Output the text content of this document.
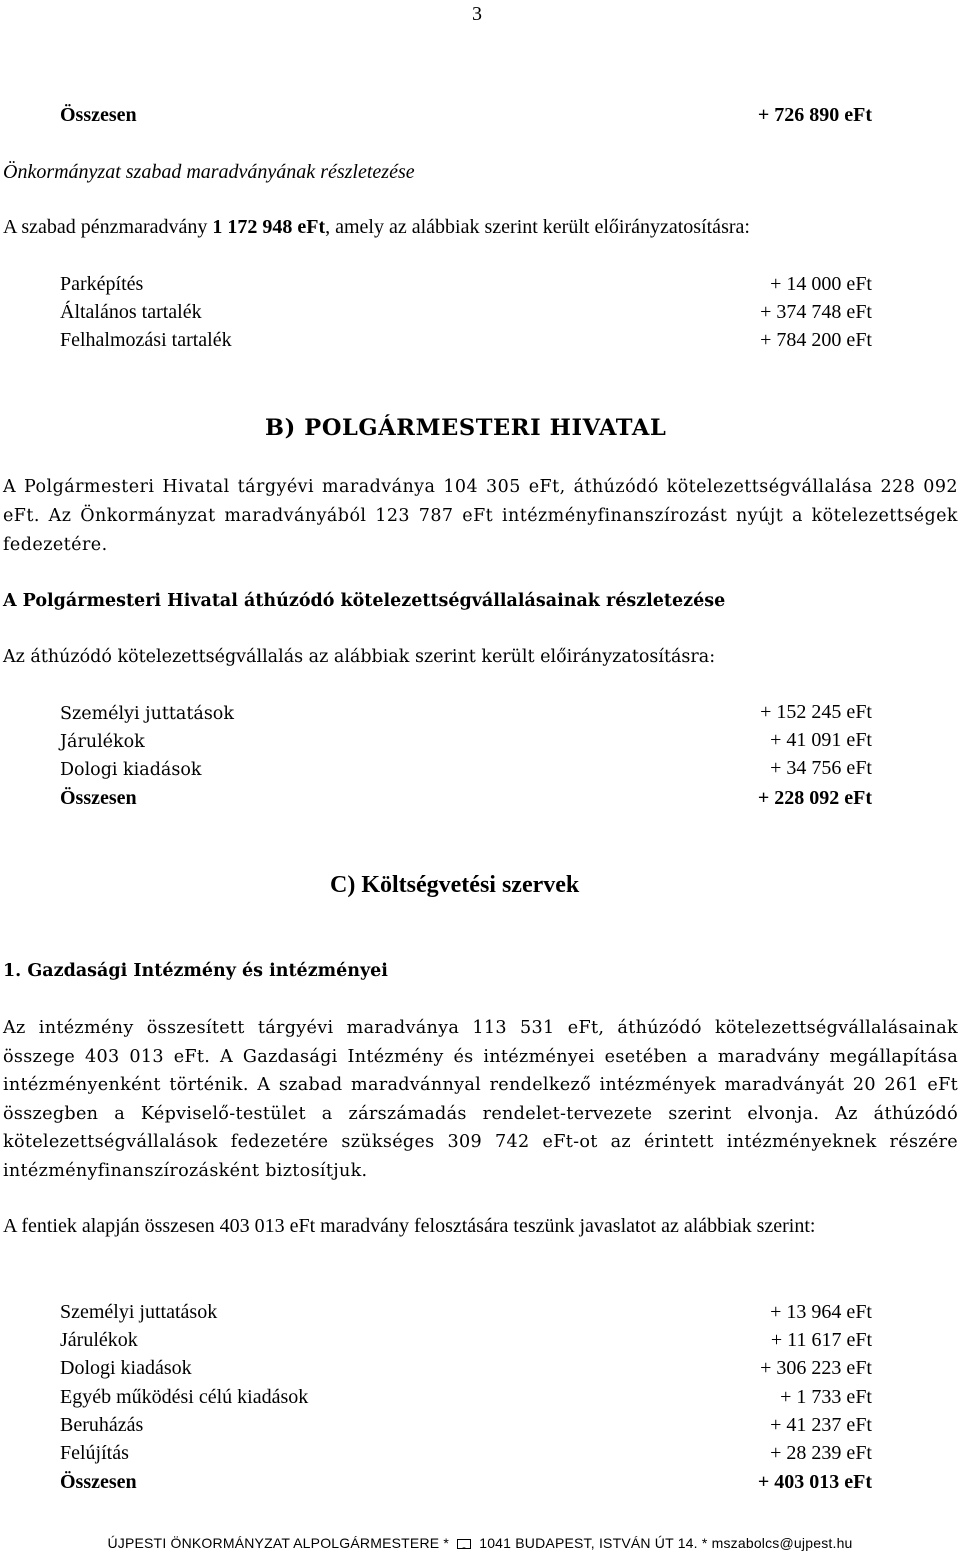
3
Összesen	+ 726 890 eFt
Önkormányzat szabad maradványának részletezése
A szabad pénzmaradvány 1 172 948 eFt, amely az alábbiak szerint került előirányzatosításra:
Parképítés	+ 14 000 eFt
Általános tartalék	+ 374 748 eFt
Felhalmozási tartalék	+ 784 200 eFt
B) POLGÁRMESTERI HIVATAL
A Polgármesteri Hivatal tárgyévi maradványa 104 305 eFt, áthúzódó kötelezettségvállalása 228 092 eFt. Az Önkormányzat maradványából 123 787 eFt intézményfinanszírozást nyújt a kötelezettségek fedezetére.
A Polgármesteri Hivatal áthúzódó kötelezettségvállalásainak részletezése
Az áthúzódó kötelezettségvállalás az alábbiak szerint került előirányzatosításra:
Személyi juttatások	+ 152 245 eFt
Járulékok	+ 41 091 eFt
Dologi kiadások	+ 34 756 eFt
Összesen	+ 228 092 eFt
C) Költségvetési szervek
1. Gazdasági Intézmény és intézményei
Az intézmény összesített tárgyévi maradványa 113 531 eFt, áthúzódó kötelezettségvállalásainak összege 403 013 eFt. A Gazdasági Intézmény és intézményei esetében a maradvány megállapítása intézményenként történik. A szabad maradvánnyal rendelkező intézmények maradványát 20 261 eFt összegben a Képviselő-testület a zárszámadás rendelet-tervezete szerint elvonja. Az áthúzódó kötelezettségvállalások fedezetére szükséges 309 742 eFt-ot az érintett intézményeknek részére intézményfinanszírozásként biztosítjuk.
A fentiek alapján összesen 403 013 eFt maradvány felosztására teszünk javaslatot az alábbiak szerint:
Személyi juttatások	+ 13 964 eFt
Járulékok	+ 11 617 eFt
Dologi kiadások	+ 306 223 eFt
Egyéb működési célú kiadások	+ 1 733 eFt
Beruházás	+ 41 237 eFt
Felújítás	+ 28 239 eFt
Összesen	+ 403 013 eFt
ÚJPESTI ÖNKORMÁNYZAT ALPOLGÁRMESTERE *  1041 BUDAPEST, ISTVÁN ÚT 14. * mszabolcs@ujpest.hu
